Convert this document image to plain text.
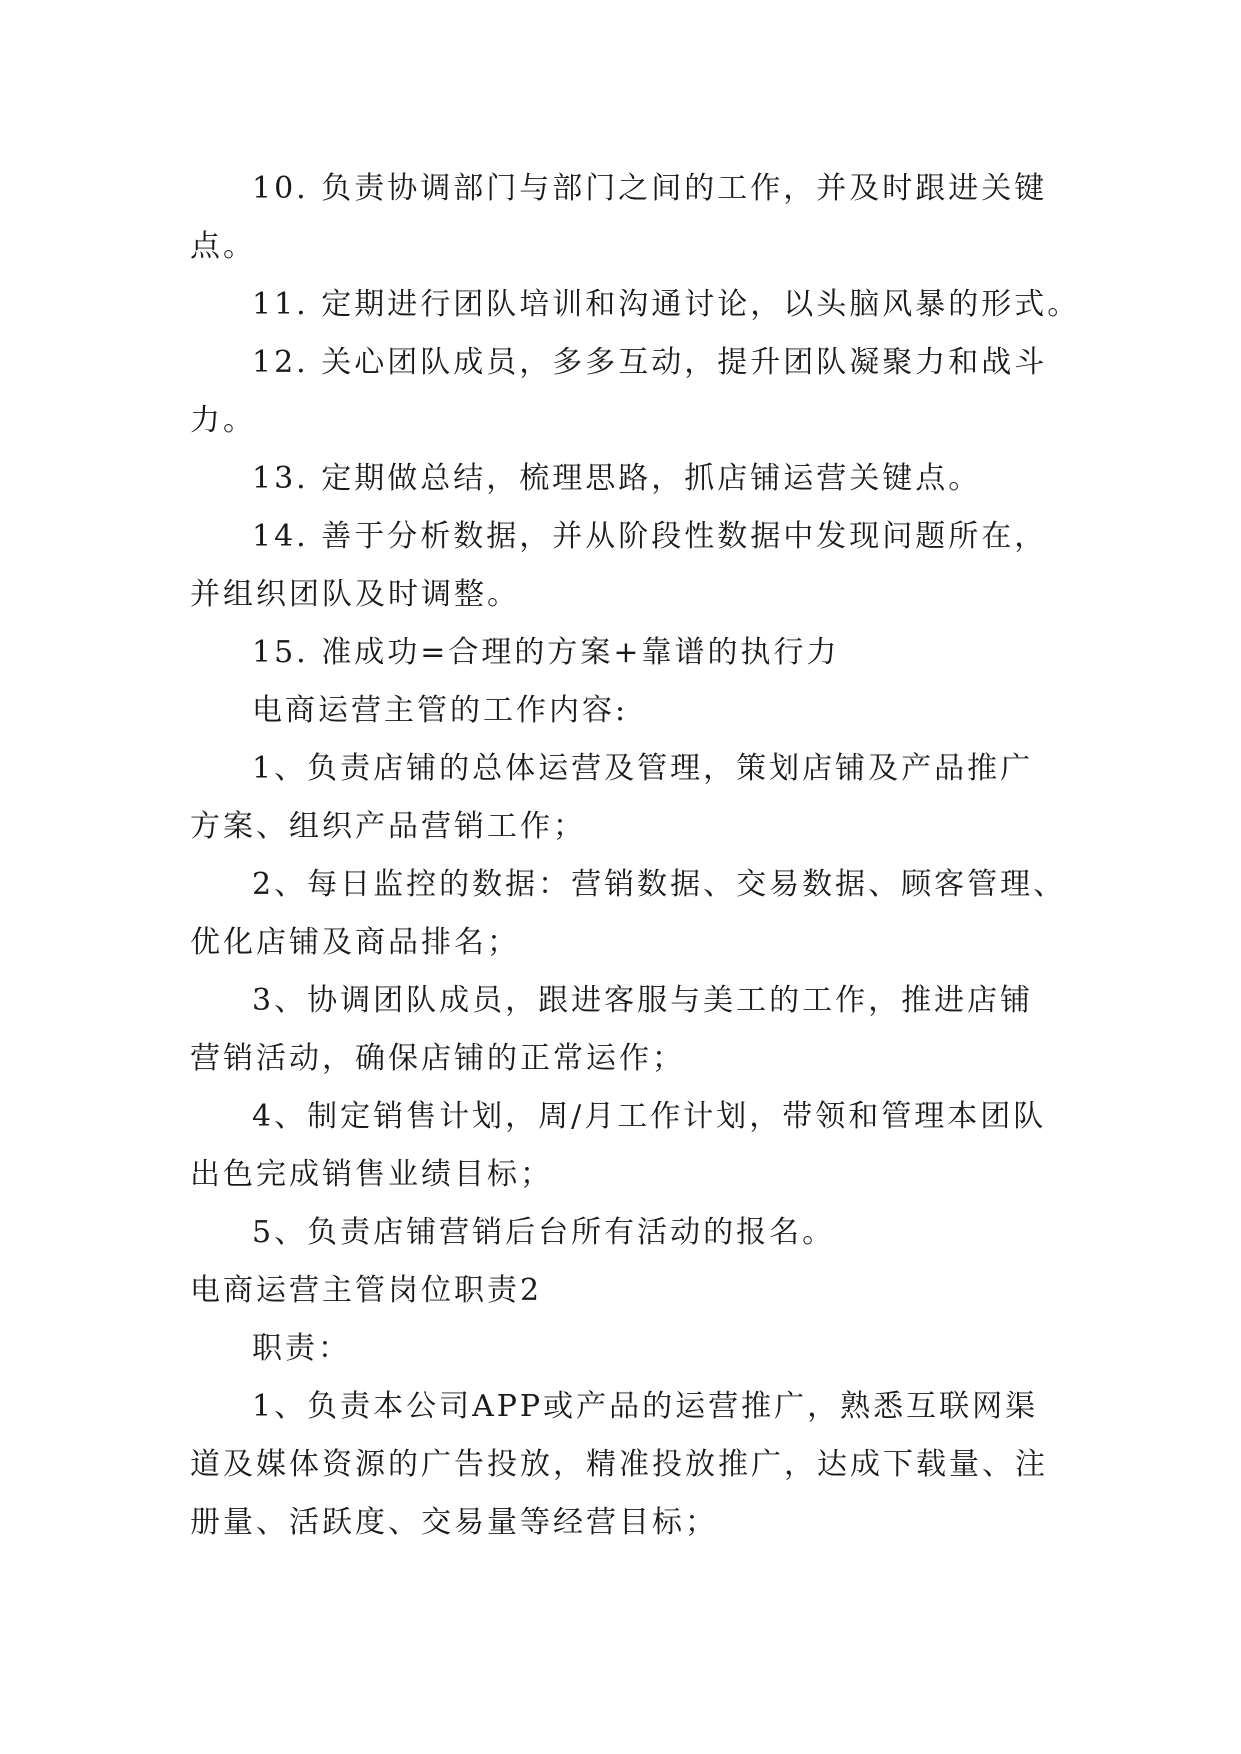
10. 负责协调部门与部门之间的工作，并及时跟进关键
点。
11. 定期进行团队培训和沟通讨论，以头脑风暴的形式。
12. 关心团队成员，多多互动，提升团队凝聚力和战斗
力。
13. 定期做总结，梳理思路，抓店铺运营关键点。
14. 善于分析数据，并从阶段性数据中发现问题所在，
并组织团队及时调整。
15. 准成功=合理的方案+靠谱的执行力
电商运营主管的工作内容:
1、负责店铺的总体运营及管理，策划店铺及产品推广
方案、组织产品营销工作；
2、每日监控的数据：营销数据、交易数据、顾客管理、
优化店铺及商品排名；
3、协调团队成员，跟进客服与美工的工作，推进店铺
营销活动，确保店铺的正常运作；
4、制定销售计划，周/月工作计划，带领和管理本团队
出色完成销售业绩目标；
5、负责店铺营销后台所有活动的报名。
电商运营主管岗位职责2
职责：
1、负责本公司APP或产品的运营推广，熟悉互联网渠
道及媒体资源的广告投放，精准投放推广，达成下载量、注
册量、活跃度、交易量等经营目标；
